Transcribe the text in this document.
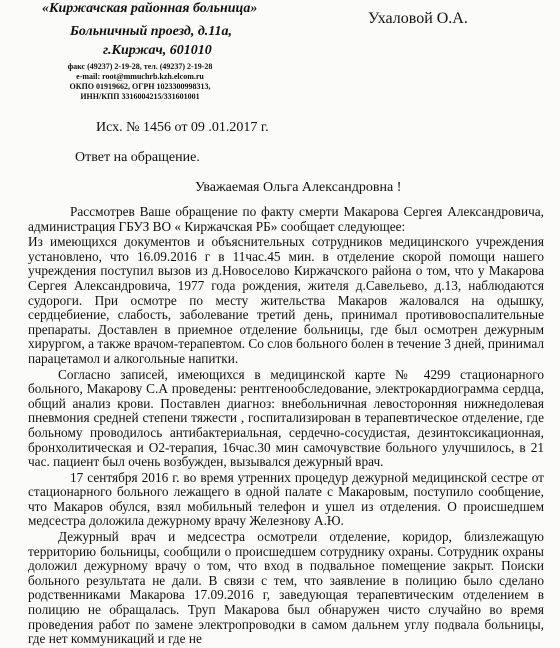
«Киржачская районная больница»
Больничный проезд, д.11а,
г.Киржач, 601010
факс (49237) 2-19-28, тел. (49237) 2-19-28
e-mail: root@mmuchrb.kzh.elcom.ru
ОКПО 01919662, ОГРН 1023300998313,
ИНН/КПП 3316004215/331601001
Ухаловой О.А.
Исх. № 1456 от 09 .01.2017 г.
Ответ на обращение.
Уважаемая Ольга Александровна !

Рассмотрев Ваше обращение по факту смерти Макарова Сергея Александровича, администрация ГБУЗ ВО « Киржачская РБ» сообщает следующее:

Из имеющихся документов и объяснительных сотрудников медицинского учреждения установлено, что 16.09.2016 г в 11час.45 мин. в отделение скорой помощи нашего учреждения поступил вызов из д.Новоселово Киржачского района о том, что у Макарова Сергея Александровича, 1977 года рождения, жителя д.Савельево, д.13, наблюдаются судороги. При осмотре по месту жительства Макаров жаловался на одышку, сердцебиение, слабость, заболевание третий день, принимал противовоспалительные препараты. Доставлен в приемное отделение больницы, где был осмотрен дежурным хирургом, а также врачом-терапевтом. Со слов больного болен в течение 3 дней, принимал парацетамол и алкогольные напитки.

Согласно записей, имеющихся в медицинской карте № 4299 стационарного больного, Макарову С.А проведены: рентгенообследование, электрокардиограмма сердца, общий анализ крови. Поставлен диагноз: внебольничная левосторонняя нижнедолевая пневмония средней степени тяжести , госпитализирован в терапевтическое отделение, где больному проводилось антибактериальная, сердечно-сосудистая, дезинтоксикационная, бронхолитическая и О2-терапия, 16час.30 мин самочувствие больного улучшилось, в 21 час. пациент был очень возбужден, вызывался дежурный врач.

17 сентября 2016 г. во время утренних процедур дежурной медицинской сестре от стационарного больного лежащего в одной палате с Макаровым, поступило сообщение, что Макаров обулся, взял мобильный телефон и ушел из отделения. О происшедшем медсестра доложила дежурному врачу Железнову А.Ю.

Дежурный врач и медсестра осмотрели отделение, коридор, близлежащую территорию больницы, сообщили о происшедшем сотруднику охраны. Сотрудник охраны доложил дежурному врачу о том, что вход в подвальное помещение закрыт. Поиски больного результата не дали. В связи с тем, что заявление в полицию было сделано родственниками Макарова 17.09.2016 г, заведующая терапевтическим отделением в полицию не обращалась. Труп Макарова был обнаружен чисто случайно во время проведения работ по замене электропроводки в самом дальнем углу подвала больницы, где нет коммуникаций и где не
